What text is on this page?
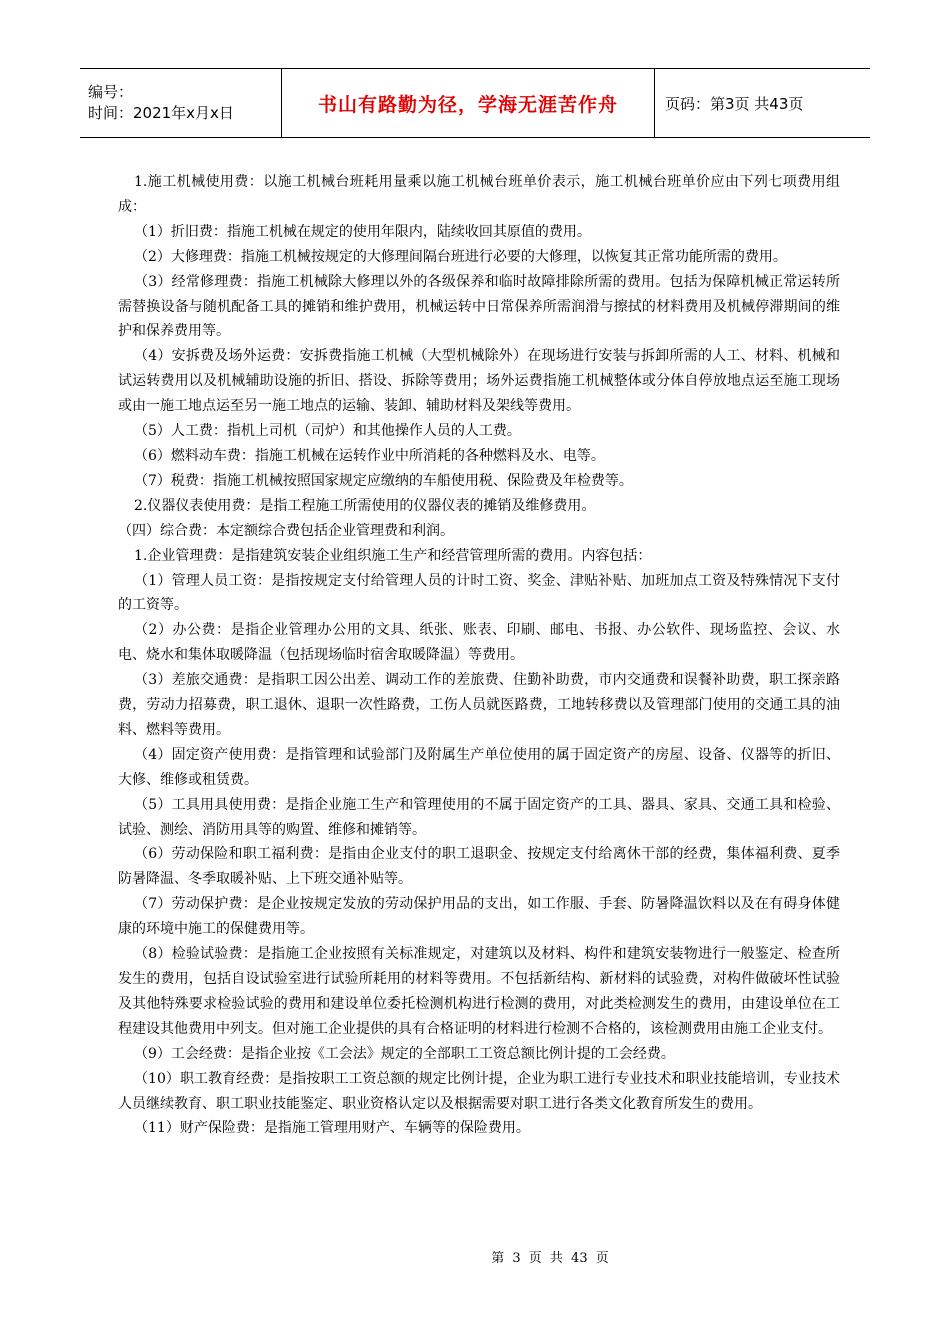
编号：
时间：2021年x月x日	书山有路勤为径，学海无涯苦作舟	页码：第3页 共43页

1.施工机械使用费：以施工机械台班耗用量乘以施工机械台班单价表示，施工机械台班单价应由下列七项费用组成：

（1）折旧费：指施工机械在规定的使用年限内，陆续收回其原值的费用。

（2）大修理费：指施工机械按规定的大修理间隔台班进行必要的大修理，以恢复其正常功能所需的费用。

（3）经常修理费：指施工机械除大修理以外的各级保养和临时故障排除所需的费用。包括为保障机械正常运转所需替换设备与随机配备工具的摊销和维护费用，机械运转中日常保养所需润滑与擦拭的材料费用及机械停滞期间的维护和保养费用等。

（4）安拆费及场外运费：安拆费指施工机械（大型机械除外）在现场进行安装与拆卸所需的人工、材料、机械和试运转费用以及机械辅助设施的折旧、搭设、拆除等费用；场外运费指施工机械整体或分体自停放地点运至施工现场或由一施工地点运至另一施工地点的运输、装卸、辅助材料及架线等费用。

（5）人工费：指机上司机（司炉）和其他操作人员的人工费。

（6）燃料动车费：指施工机械在运转作业中所消耗的各种燃料及水、电等。

（7）税费：指施工机械按照国家规定应缴纳的车船使用税、保险费及年检费等。

2.仪器仪表使用费：是指工程施工所需使用的仪器仪表的摊销及维修费用。

（四）综合费：本定额综合费包括企业管理费和利润。

1.企业管理费：是指建筑安装企业组织施工生产和经营管理所需的费用。内容包括：

（1）管理人员工资：是指按规定支付给管理人员的计时工资、奖金、津贴补贴、加班加点工资及特殊情况下支付的工资等。

（2）办公费：是指企业管理办公用的文具、纸张、账表、印刷、邮电、书报、办公软件、现场监控、会议、水电、烧水和集体取暖降温（包括现场临时宿舍取暖降温）等费用。

（3）差旅交通费：是指职工因公出差、调动工作的差旅费、住勤补助费，市内交通费和误餐补助费，职工探亲路费，劳动力招募费，职工退休、退职一次性路费，工伤人员就医路费，工地转移费以及管理部门使用的交通工具的油料、燃料等费用。

（4）固定资产使用费：是指管理和试验部门及附属生产单位使用的属于固定资产的房屋、设备、仪器等的折旧、大修、维修或租赁费。

（5）工具用具使用费：是指企业施工生产和管理使用的不属于固定资产的工具、器具、家具、交通工具和检验、试验、测绘、消防用具等的购置、维修和摊销等。

（6）劳动保险和职工福利费：是指由企业支付的职工退职金、按规定支付给离休干部的经费，集体福利费、夏季防暑降温、冬季取暖补贴、上下班交通补贴等。

（7）劳动保护费：是企业按规定发放的劳动保护用品的支出，如工作服、手套、防暑降温饮料以及在有碍身体健康的环境中施工的保健费用等。

（8）检验试验费：是指施工企业按照有关标准规定，对建筑以及材料、构件和建筑安装物进行一般鉴定、检查所发生的费用，包括自设试验室进行试验所耗用的材料等费用。不包括新结构、新材料的试验费，对构件做破坏性试验及其他特殊要求检验试验的费用和建设单位委托检测机构进行检测的费用，对此类检测发生的费用，由建设单位在工程建设其他费用中列支。但对施工企业提供的具有合格证明的材料进行检测不合格的，该检测费用由施工企业支付。

（9）工会经费：是指企业按《工会法》规定的全部职工工资总额比例计提的工会经费。

（10）职工教育经费：是指按职工工资总额的规定比例计提，企业为职工进行专业技术和职业技能培训，专业技术人员继续教育、职工职业技能鉴定、职业资格认定以及根据需要对职工进行各类文化教育所发生的费用。

（11）财产保险费：是指施工管理用财产、车辆等的保险费用。

第 3 页 共 43 页
